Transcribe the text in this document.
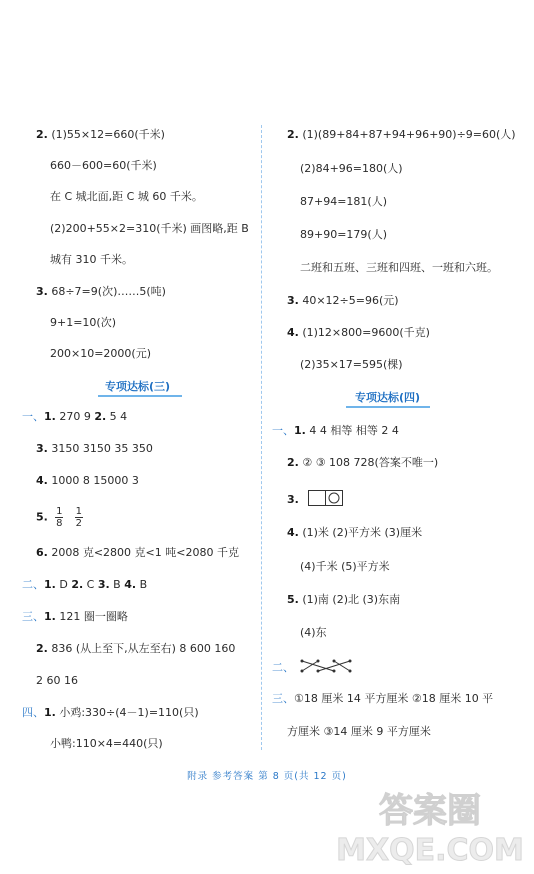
2. (1)55×12=660(千米)
660－600=60(千米)
在 C 城北面,距 C 城 60 千米。
(2)200+55×2=310(千米) 画图略,距 B
城有 310 千米。
3. 68÷7=9(次)……5(吨)
9+1=10(次)
200×10=2000(元)
专项达标(三)
一、1. 270 9 2. 5 4
3. 3150 3150 35 350
4. 1000 8 15000 3
5. $\frac{1}{8}$
$\frac{1}{2}$
6. 2008 克<2800 克<1 吨<2080 千克
二、1. D 2. C 3. B 4. B
三、1. 121 圈一圈略
2. 836 (从上至下,从左至右) 8 600 160
2 60 16
四、1. 小鸡:330÷(4－1)=110(只)
小鸭:110×4=440(只)
2. (1)(89+84+87+94+96+90)÷9=60(人)
(2)84+96=180(人)
87+94=181(人)
89+90=179(人)
二班和五班、三班和四班、一班和六班。
3. 40×12÷5=96(元)
4. (1)12×800=9600(千克)
(2)35×17=595(棵)
专项达标(四)
一、1. 4 4 相等 相等 2 4
2. ② ③ 108 728(答案不唯一)
3.
4. (1)米 (2)平方米 (3)厘米
(4)千米 (5)平方米
5. (1)南 (2)北 (3)东南
(4)东
二、
三、①18 厘米 14 平方厘米 ②18 厘米 10 平
方厘米 ③14 厘米 9 平方厘米
附录 参考答案 第 8 页(共 12 页)
答案圈
MXQE.COM
